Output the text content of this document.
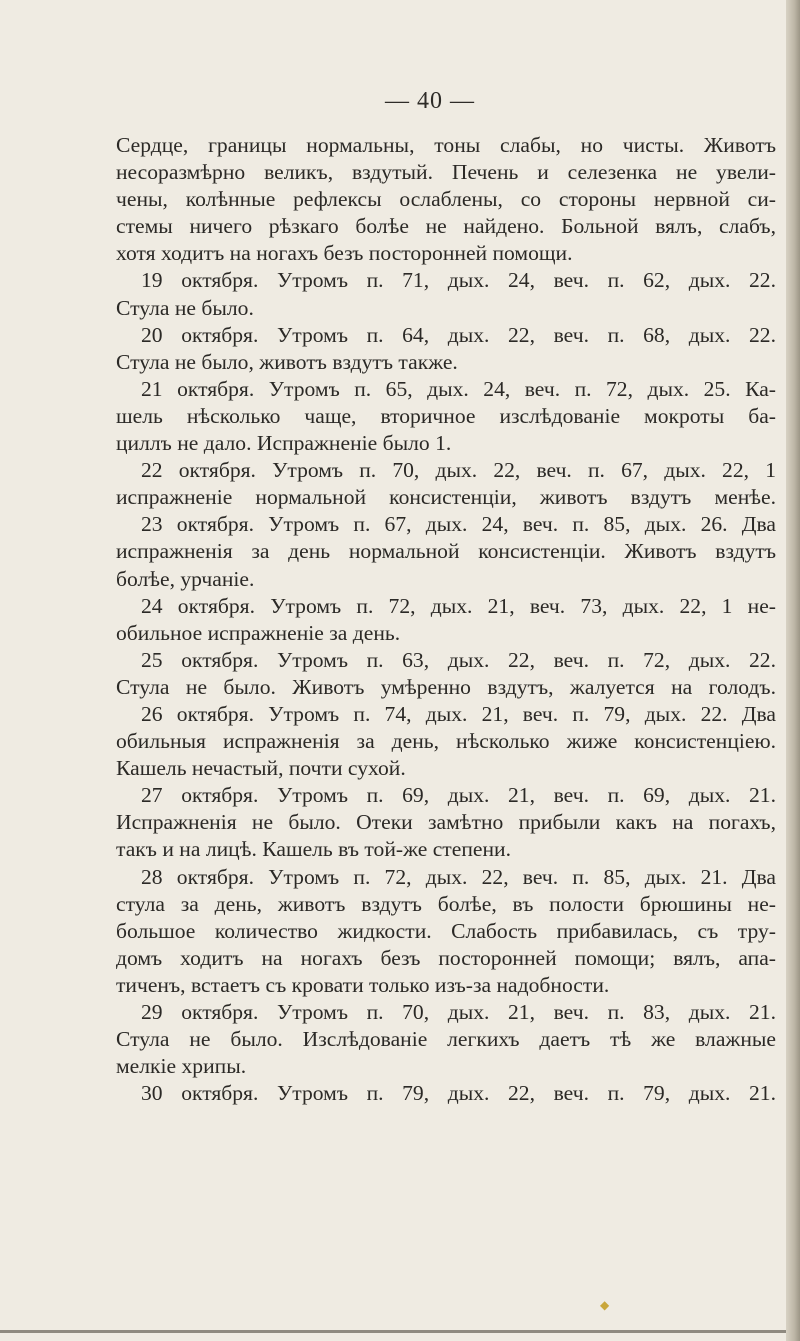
— 40 —
Сердце, границы нормальны, тоны слабы, но чисты. Животъ
несоразмѣрно великъ, вздутый. Печень и селезенка не увели-
чены, колѣнные рефлексы ослаблены, со стороны нервной си-
стемы ничего рѣзкаго болѣе не найдено. Больной вялъ, слабъ,
хотя ходитъ на ногахъ безъ посторонней помощи.
19 октября. Утромъ п. 71, дых. 24, веч. п. 62, дых. 22.
Стула не было.
20 октября. Утромъ п. 64, дых. 22, веч. п. 68, дых. 22.
Стула не было, животъ вздутъ также.
21 октября. Утромъ п. 65, дых. 24, веч. п. 72, дых. 25. Ка-
шель нѣсколько чаще, вторичное изслѣдованіе мокроты ба-
циллъ не дало. Испражненіе было 1.
22 октября. Утромъ п. 70, дых. 22, веч. п. 67, дых. 22, 1
испражненіе нормальной консистенціи, животъ вздутъ менѣе.
23 октября. Утромъ п. 67, дых. 24, веч. п. 85, дых. 26. Два
испражненія за день нормальной консистенціи. Животъ вздутъ
болѣе, урчаніе.
24 октября. Утромъ п. 72, дых. 21, веч. 73, дых. 22, 1 не-
обильное испражненіе за день.
25 октября. Утромъ п. 63, дых. 22, веч. п. 72, дых. 22.
Стула не было. Животъ умѣренно вздутъ, жалуется на голодъ.
26 октября. Утромъ п. 74, дых. 21, веч. п. 79, дых. 22. Два
обильныя испражненія за день, нѣсколько жиже консистенціею.
Кашель нечастый, почти сухой.
27 октября. Утромъ п. 69, дых. 21, веч. п. 69, дых. 21.
Испражненія не было. Отеки замѣтно прибыли какъ на погахъ,
такъ и на лицѣ. Кашель въ той-же степени.
28 октября. Утромъ п. 72, дых. 22, веч. п. 85, дых. 21. Два
стула за день, животъ вздутъ болѣе, въ полости брюшины не-
большое количество жидкости. Слабость прибавилась, съ тру-
домъ ходитъ на ногахъ безъ посторонней помощи; вялъ, апа-
тиченъ, встаетъ съ кровати только изъ-за надобности.
29 октября. Утромъ п. 70, дых. 21, веч. п. 83, дых. 21.
Стула не было. Изслѣдованіе легкихъ даетъ тѣ же влажные
мелкіе хрипы.
30 октября. Утромъ п. 79, дых. 22, веч. п. 79, дых. 21.
◆
